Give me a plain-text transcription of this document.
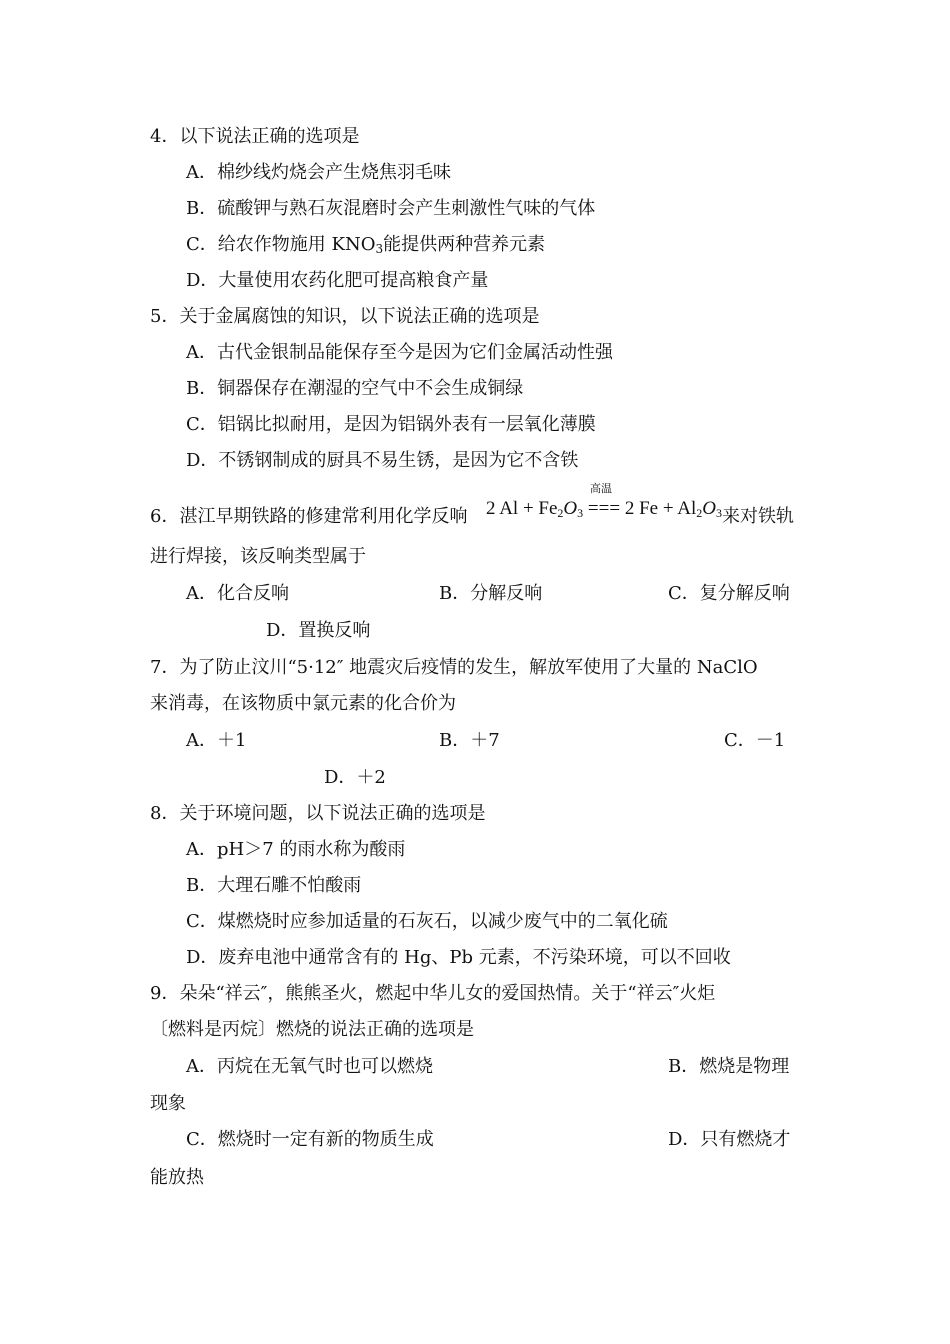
4．以下说法正确的选项是
A．棉纱线灼烧会产生烧焦羽毛味
B．硫酸钾与熟石灰混磨时会产生刺激性气味的气体
C．给农作物施用 $KNO_3$能提供两种营养元素
D．大量使用农药化肥可提高粮食产量
5．关于金属腐蚀的知识，以下说法正确的选项是
A．古代金银制品能保存至今是因为它们金属活动性强
B．铜器保存在潮湿的空气中不会生成铜绿
C．铝锅比拟耐用，是因为铝锅外表有一层氧化薄膜
D．不锈钢制成的厨具不易生锈，是因为它不含铁
6．湛江早期铁路的修建常利用化学反响
高温
2 $Al + Fe_2O_3$ === 2 $Fe + Al_2O_3$ 来对铁轨
进行焊接，该反响类型属于
A．化合反响	B．分解反响	C．复分解反响
D．置换反响
7．为了防止汶川“5·12″ 地震灾后疫情的发生，解放军使用了大量的 NaClO
来消毒，在该物质中氯元素的化合价为
A．＋1	B．＋7	C．－1
D．＋2
8．关于环境问题，以下说法正确的选项是
A．pH＞7 的雨水称为酸雨
B．大理石雕不怕酸雨
C．煤燃烧时应参加适量的石灰石，以减少废气中的二氧化硫
D．废弃电池中通常含有的 Hg、Pb 元素，不污染环境，可以不回收
9．朵朵“祥云″，熊熊圣火，燃起中华儿女的爱国热情。关于“祥云″火炬
〔燃料是丙烷〕燃烧的说法正确的选项是
A．丙烷在无氧气时也可以燃烧	B．燃烧是物理
现象
C．燃烧时一定有新的物质生成	D．只有燃烧才
能放热
